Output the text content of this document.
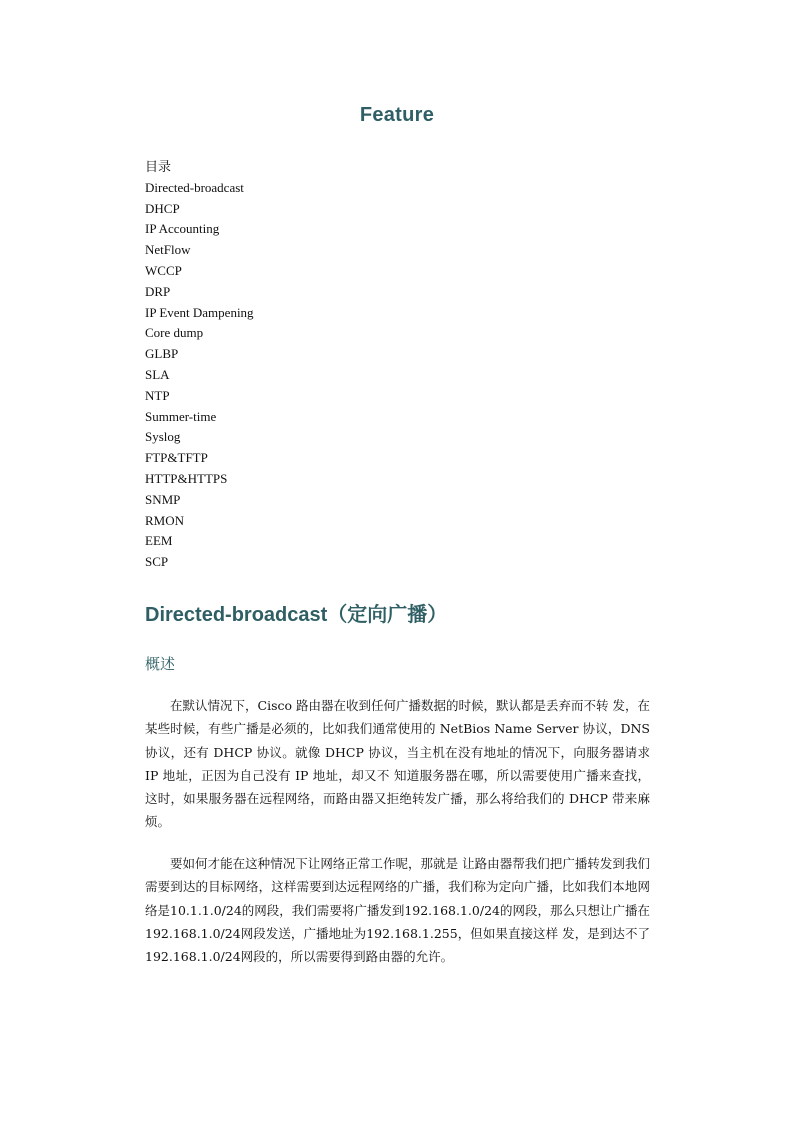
Feature
目录
Directed-broadcast
DHCP
IP Accounting
NetFlow
WCCP
DRP
IP Event Dampening
Core dump
GLBP
SLA
NTP
Summer-time
Syslog
FTP&TFTP
HTTP&HTTPS
SNMP
RMON
EEM
SCP
Directed-broadcast（定向广播）
概述

在默认情况下，Cisco 路由器在收到任何广播数据的时候，默认都是丢弃而不转 发，在某些时候，有些广播是必须的，比如我们通常使用的 NetBios Name Server 协议，DNS 协议，还有 DHCP 协议。就像 DHCP 协议，当主机在没有地址的情况下，向服务器请求 IP 地址，正因为自己没有 IP 地址，却又不 知道服务器在哪，所以需要使用广播来查找，这时，如果服务器在远程网络，而路由器又拒绝转发广播，那么将给我们的 DHCP 带来麻烦。

要如何才能在这种情况下让网络正常工作呢，那就是 让路由器帮我们把广播转发到我们需要到达的目标网络，这样需要到达远程网络的广播，我们称为定向广播，比如我们本地网络是10.1.1.0/24的网段，我们需要将广播发到192.168.1.0/24的网段，那么只想让广播在192.168.1.0/24网段发送，广播地址为192.168.1.255，但如果直接这样 发，是到达不了192.168.1.0/24网段的，所以需要得到路由器的允许。
